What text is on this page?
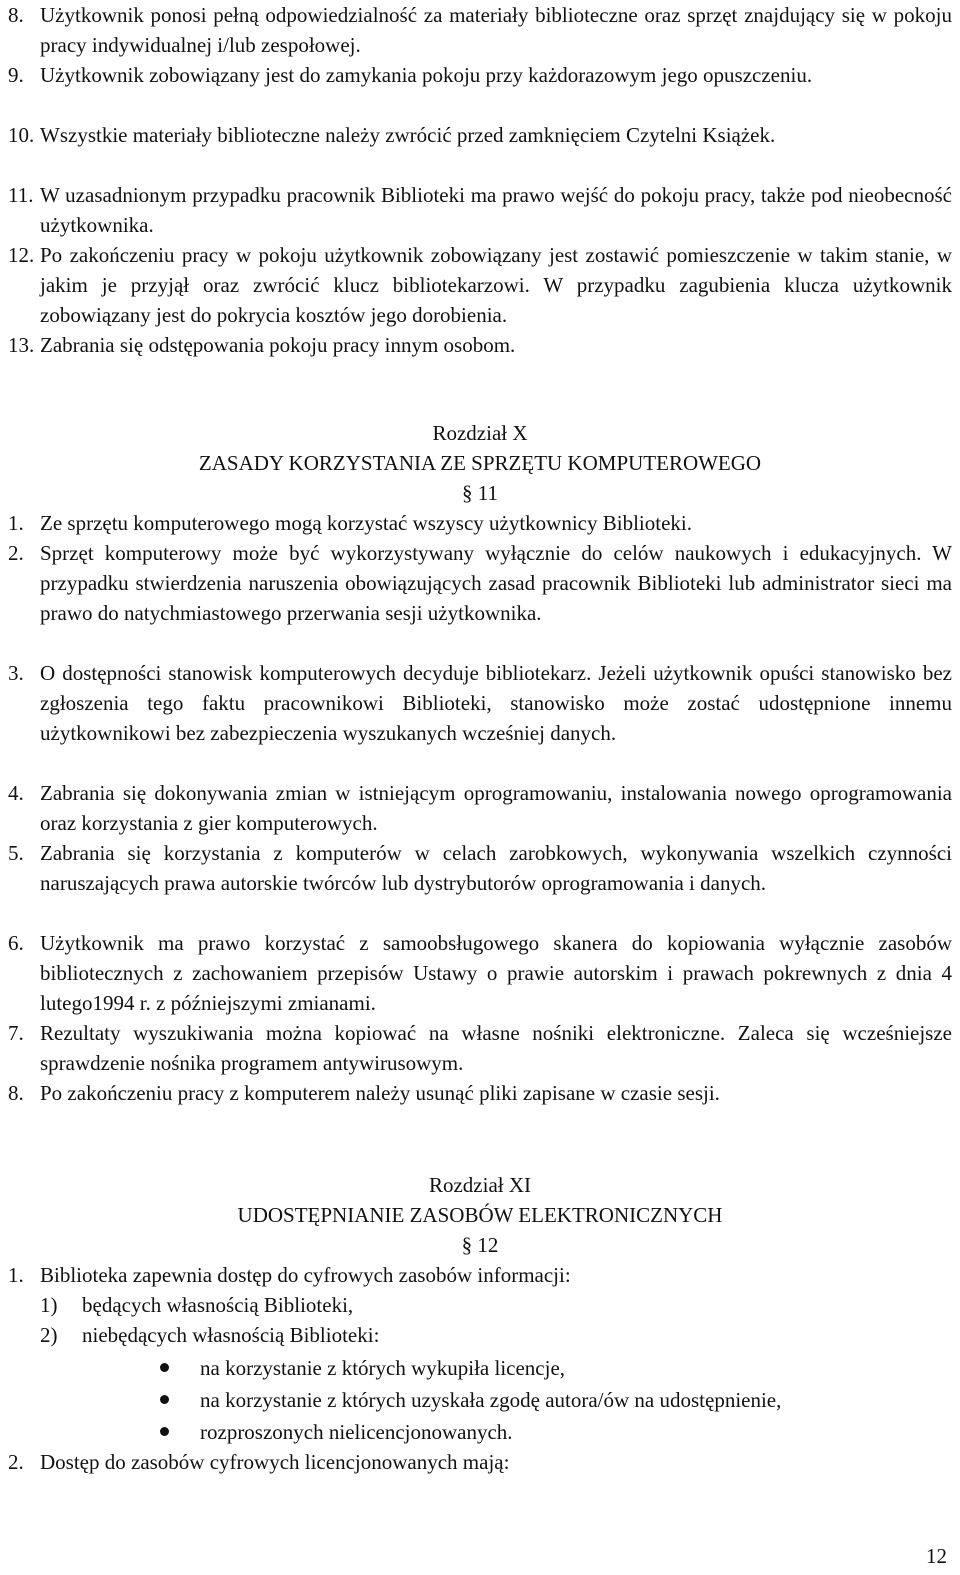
8. Użytkownik ponosi pełną odpowiedzialność za materiały biblioteczne oraz sprzęt znajdujący się w pokoju pracy indywidualnej i/lub zespołowej.
9. Użytkownik zobowiązany jest do zamykania pokoju przy każdorazowym jego opuszczeniu.
10. Wszystkie materiały biblioteczne należy zwrócić przed zamknięciem Czytelni Książek.
11. W uzasadnionym przypadku pracownik Biblioteki ma prawo wejść do pokoju pracy, także pod nieobecność użytkownika.
12. Po zakończeniu pracy w pokoju użytkownik zobowiązany jest zostawić pomieszczenie w takim stanie, w jakim je przyjął oraz zwrócić klucz bibliotekarzowi. W przypadku zagubienia klucza użytkownik zobowiązany jest do pokrycia kosztów jego dorobienia.
13. Zabrania się odstępowania pokoju pracy innym osobom.
Rozdział X
ZASADY KORZYSTANIA ZE SPRZĘTU KOMPUTEROWEGO
§ 11
1. Ze sprzętu komputerowego mogą korzystać wszyscy użytkownicy Biblioteki.
2. Sprzęt komputerowy może być wykorzystywany wyłącznie do celów naukowych i edukacyjnych. W przypadku stwierdzenia naruszenia obowiązujących zasad pracownik Biblioteki lub administrator sieci ma prawo do natychmiastowego przerwania sesji użytkownika.
3. O dostępności stanowisk komputerowych decyduje bibliotekarz. Jeżeli użytkownik opuści stanowisko bez zgłoszenia tego faktu pracownikowi Biblioteki, stanowisko może zostać udostępnione innemu użytkownikowi bez zabezpieczenia wyszukanych wcześniej danych.
4. Zabrania się dokonywania zmian w istniejącym oprogramowaniu, instalowania nowego oprogramowania oraz korzystania z gier komputerowych.
5. Zabrania się korzystania z komputerów w celach zarobkowych, wykonywania wszelkich czynności naruszających prawa autorskie twórców lub dystrybutorów oprogramowania i danych.
6. Użytkownik ma prawo korzystać z samoobsługowego skanera do kopiowania wyłącznie zasobów bibliotecznych z zachowaniem przepisów Ustawy o prawie autorskim i prawach pokrewnych z dnia 4 lutego1994 r. z późniejszymi zmianami.
7. Rezultaty wyszukiwania można kopiować na własne nośniki elektroniczne. Zaleca się wcześniejsze sprawdzenie nośnika programem antywirusowym.
8. Po zakończeniu pracy z komputerem należy usunąć pliki zapisane w czasie sesji.
Rozdział XI
UDOSTĘPNIANIE ZASOBÓW ELEKTRONICZNYCH
§ 12
1. Biblioteka zapewnia dostęp do cyfrowych zasobów informacji:
1) będących własnością Biblioteki,
2) niebędących własnością Biblioteki:
na korzystanie z których wykupiła licencje,
na korzystanie z których uzyskała zgodę autora/ów na udostępnienie,
rozproszonych nielicencjonowanych.
2. Dostęp do zasobów cyfrowych licencjonowanych mają:
12
